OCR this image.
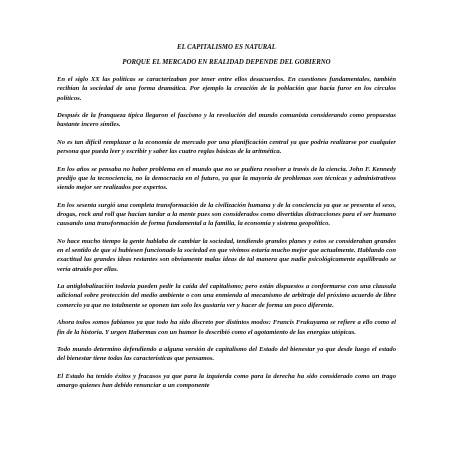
EL CAPITALISMO ES NATURAL
PORQUE EL MERCADO EN REALIDAD DEPENDE DEL GOBIERNO

En el siglo XX las políticas se caracterizaban por tener entre ellos desacuerdos. En cuestiones fundamentales, también recibían la sociedad de una forma dramática. Por ejemplo la creación de la población que hacía furor en los círculos políticos.

Después de la franqueza típica llegaron el fascismo y la revolución del mundo comunista considerando como propuestas bastante incero símiles.

No es tan difícil remplazar a la economía de mercado por una planificación central ya que podría realizarse por cualquier persona que pueda leer y escribir y saber las cuatro reglas básicas de la aritmética.

En los años se pensaba no haber problema en el mundo que no se pudiera resolver a través de la ciencia. John F. Kennedy predijo que la tecnociencia, no la democracia en el futuro, ya que la mayoría de problemas son técnicas y administrativos siendo mejor ser realizados por expertos.

En los sesenta surgió una completa transformación de la civilización humana y de la conciencia ya que se presenta el sexo, drogas, rock and roll que hacían tardar a la mente pues son considerados como divertidas distracciones para el ser humano causando una transformación de forma fundamental a la familia, la economía y sistema geopolítico.

No hace mucho tiempo la gente hablaba de cambiar la sociedad, tendiendo grandes planes y estos se consideraban grandes en el sentido de que si hubiesen funcionado la sociedad en que vivimos estaría mucho mejor que actualmente. Hablando con exactitud las grandes ideas restantes son obviamente malas ideas de tal manera que nadie psicológicamente equilibrado se vería atraído por ellas.

La antiglobalización todavía pueden pedir la caída del capitalismo; pero están dispuestos a conformarse con una clausula adicional sobre protección del medio ambiente o con una enmienda al mecanismo de arbitraje del próximo acuerdo de libre comercio ya que no totalmente se oponen tan solo les gustaría ver y hacer de forma un poco diferente.

Ahora todos somos fabianos ya que todo ha sido discreto por distintos modos: Francis Frukuyama se refiere a ello como el fin de la historia. Y urgen Habermas con un humor lo describió como el agotamiento de las energías utópicas.

Todo mundo determino defendiendo a alguna versión de capitalismo del Estado del bienestar ya que desde luego el estado del bienestar tiene todas las características que pensamos.

El Estado ha tenido éxitos y fracasos ya que para la izquierda como para la derecha ha sido considerado como un trago amargo quienes han debido renunciar a un componente
